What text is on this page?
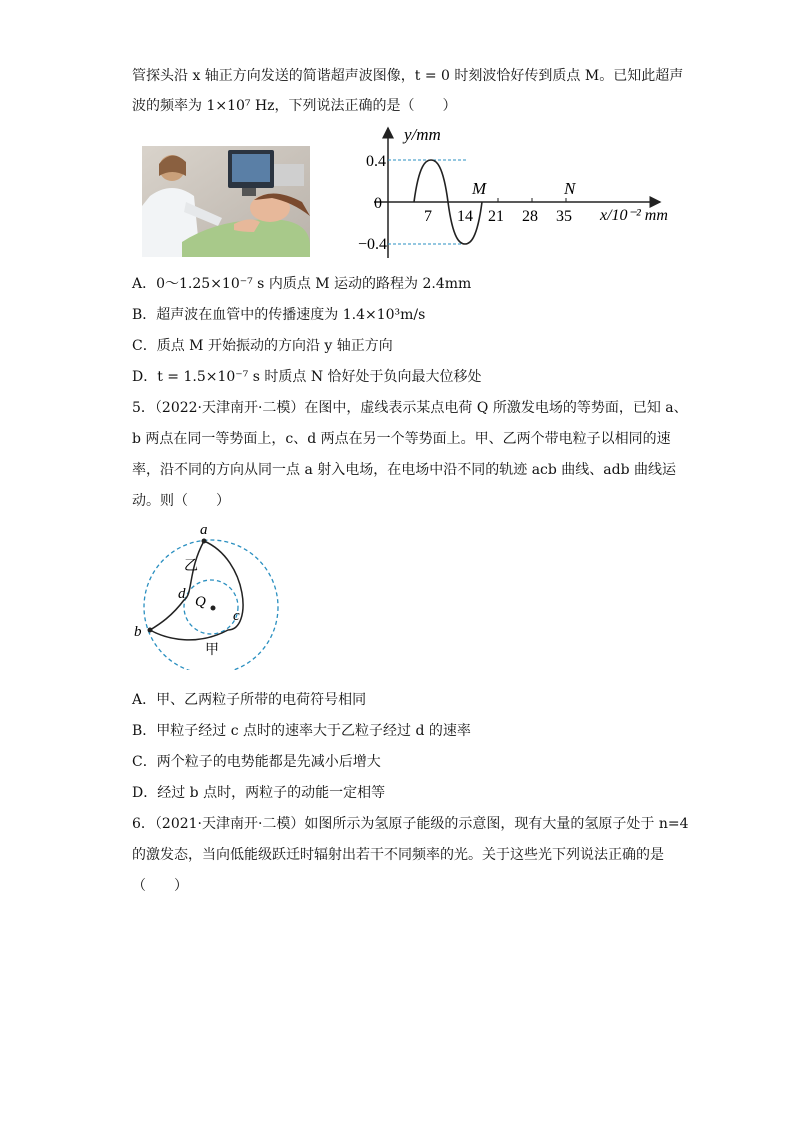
管探头沿 x 轴正方向发送的简谐超声波图像，t = 0 时刻波恰好传到质点 M。已知此超声
波的频率为 1×10⁷ Hz，下列说法正确的是（　　）
y/mm
0.4
0
−0.4
7 14 21 28 35 x/10⁻² mm
M	N
A．0～1.25×10⁻⁷ s 内质点 M 运动的路程为 2.4mm
B．超声波在血管中的传播速度为 1.4×10³m/s
C．质点 M 开始振动的方向沿 y 轴正方向
D．t = 1.5×10⁻⁷ s 时质点 N 恰好处于负向最大位移处
5．（2022·天津南开·二模）在图中，虚线表示某点电荷 Q 所激发电场的等势面，已知 a、
b 两点在同一等势面上，c、d 两点在另一个等势面上。甲、乙两个带电粒子以相同的速
率，沿不同的方向从同一点 a 射入电场，在电场中沿不同的轨迹 acb 曲线、adb 曲线运
动。则（　　）
a
b
c
d Q
甲
乙
A．甲、乙两粒子所带的电荷符号相同
B．甲粒子经过 c 点时的速率大于乙粒子经过 d 的速率
C．两个粒子的电势能都是先减小后增大
D．经过 b 点时，两粒子的动能一定相等
6．（2021·天津南开·二模）如图所示为氢原子能级的示意图，现有大量的氢原子处于 n=4
的激发态，当向低能级跃迁时辐射出若干不同频率的光。关于这些光下列说法正确的是
（　　）
